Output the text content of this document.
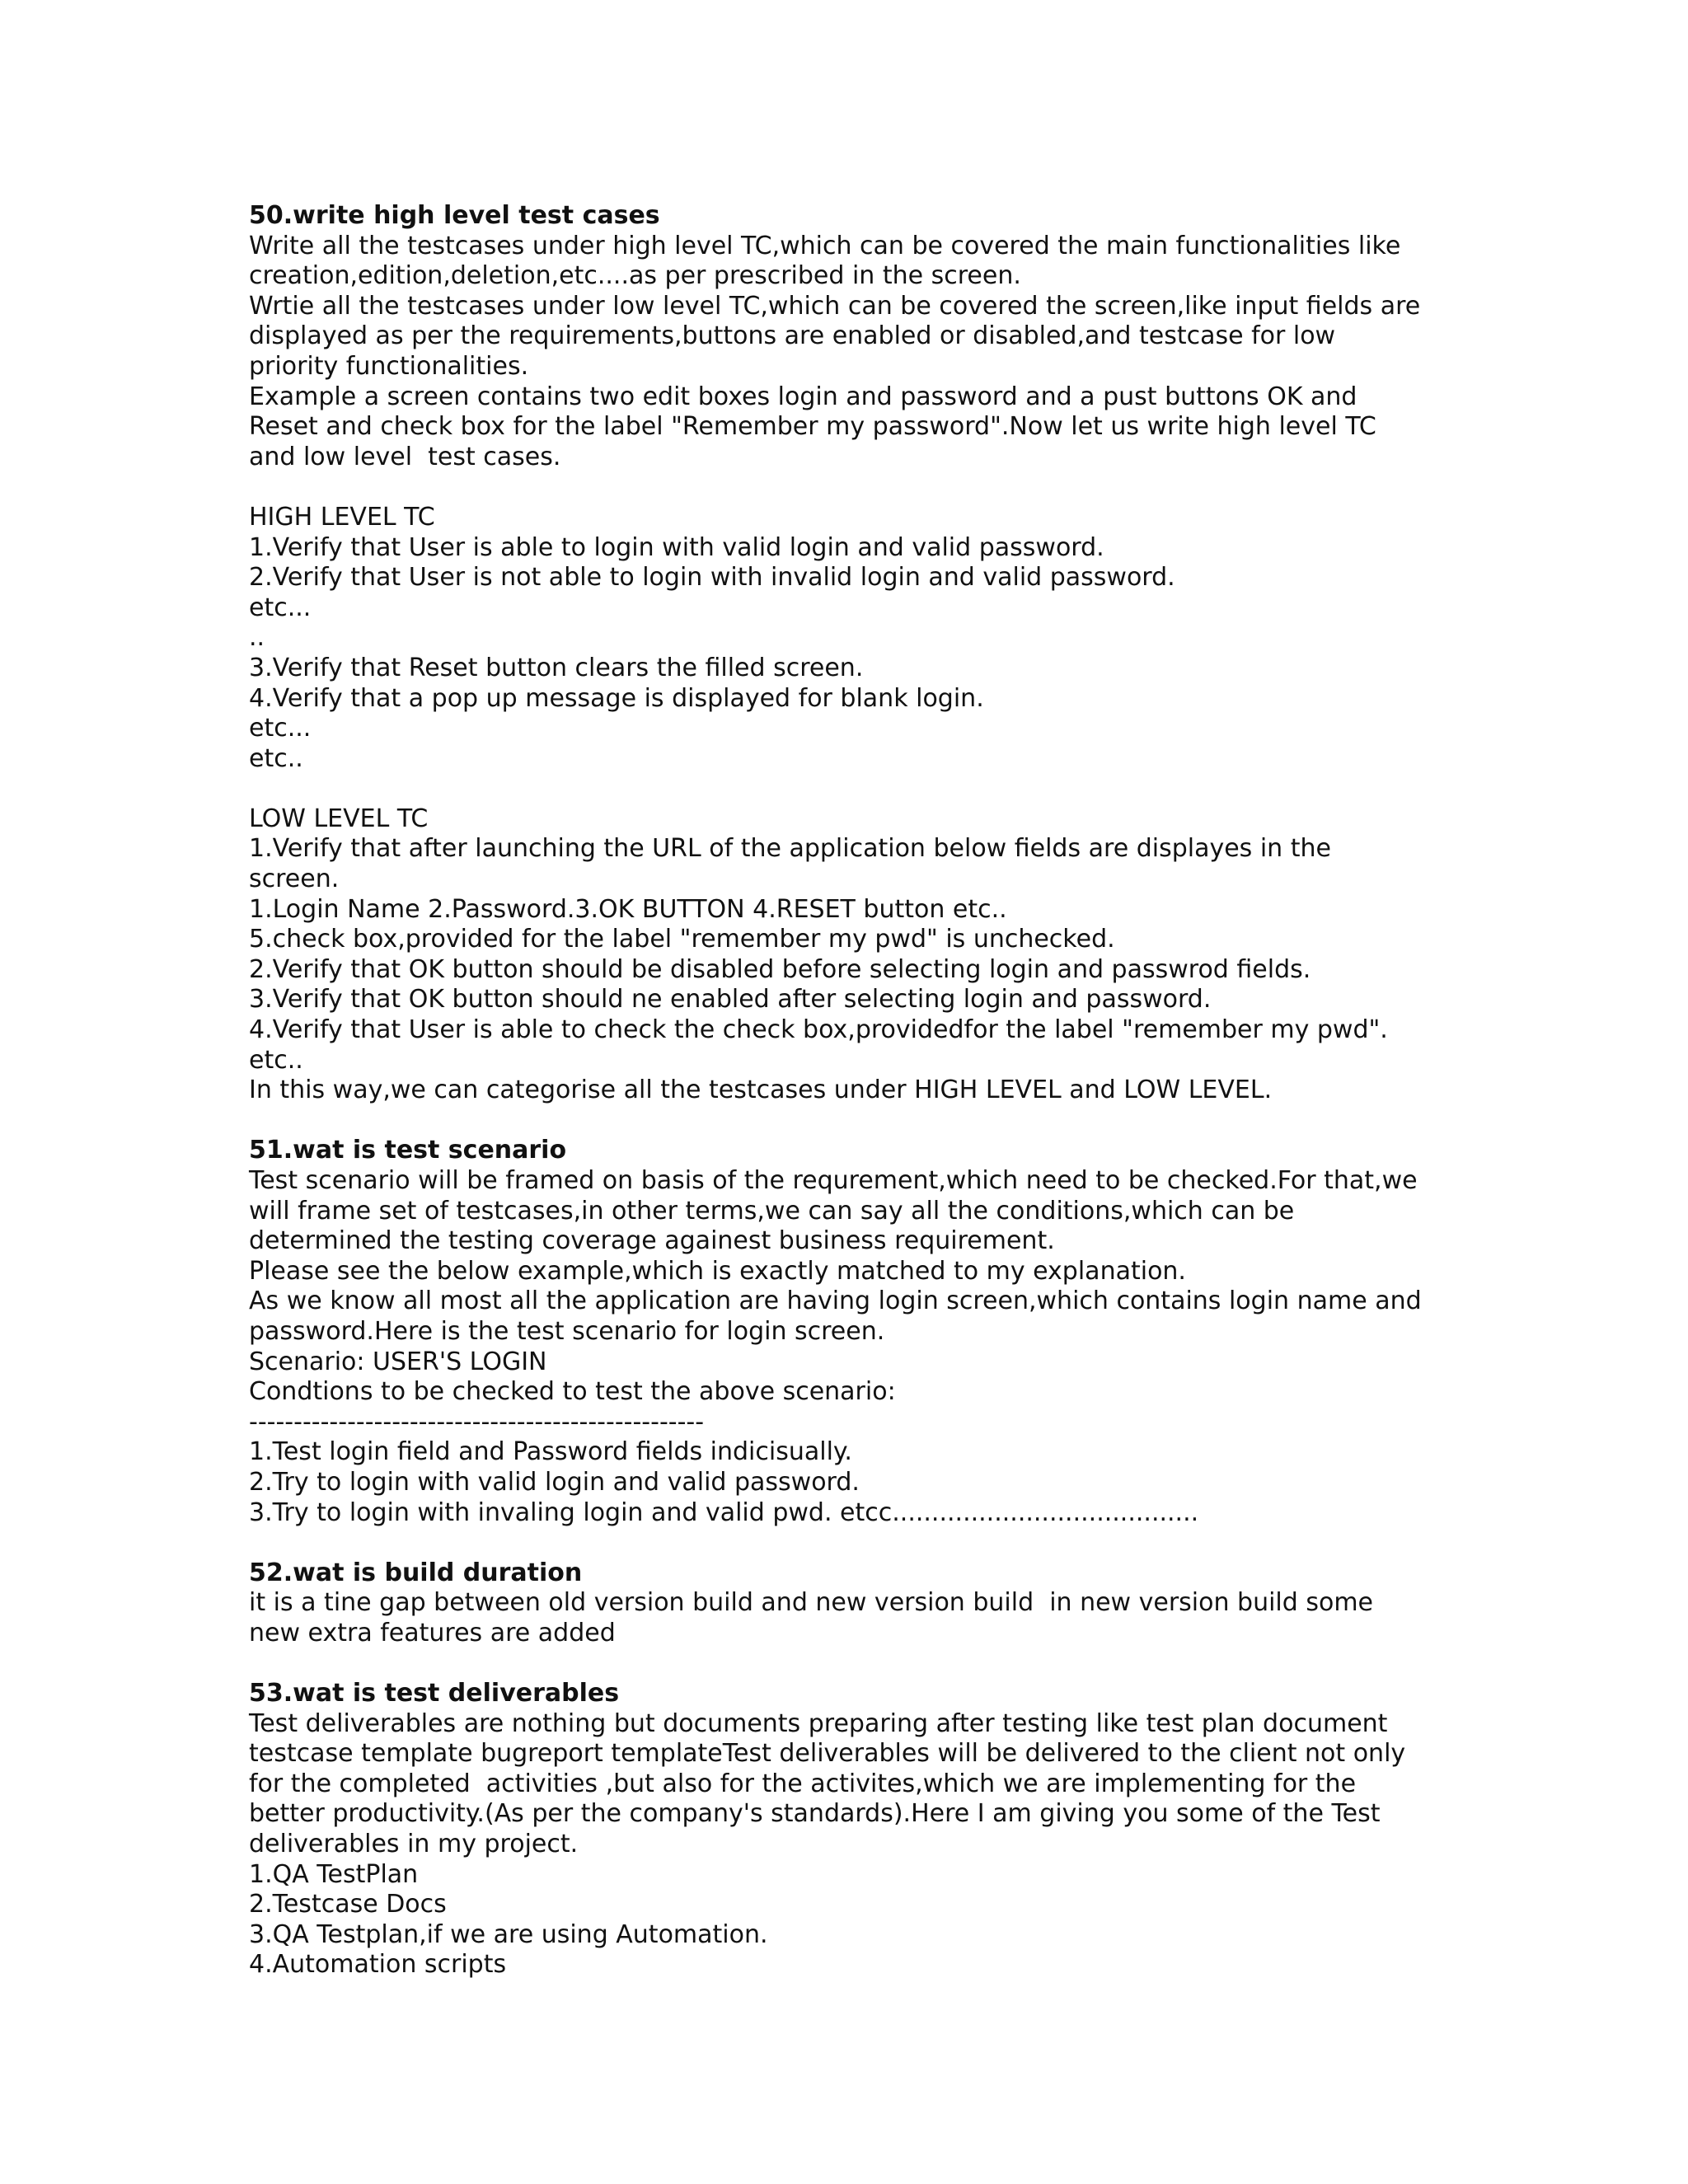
50.write high level test cases
Write all the testcases under high level TC,which can be covered the main functionalities like
creation,edition,deletion,etc....as per prescribed in the screen.
Wrtie all the testcases under low level TC,which can be covered the screen,like input fields are
displayed as per the requirements,buttons are enabled or disabled,and testcase for low
priority functionalities.
Example a screen contains two edit boxes login and password and a pust buttons OK and
Reset and check box for the label "Remember my password".Now let us write high level TC
and low level  test cases.
HIGH LEVEL TC
1.Verify that User is able to login with valid login and valid password.
2.Verify that User is not able to login with invalid login and valid password.
etc...
..
3.Verify that Reset button clears the filled screen.
4.Verify that a pop up message is displayed for blank login.
etc...
etc..
LOW LEVEL TC
1.Verify that after launching the URL of the application below fields are displayes in the
screen.
1.Login Name 2.Password.3.OK BUTTON 4.RESET button etc..
5.check box,provided for the label "remember my pwd" is unchecked.
2.Verify that OK button should be disabled before selecting login and passwrod fields.
3.Verify that OK button should ne enabled after selecting login and password.
4.Verify that User is able to check the check box,providedfor the label "remember my pwd".
etc..
In this way,we can categorise all the testcases under HIGH LEVEL and LOW LEVEL.
51.wat is test scenario
Test scenario will be framed on basis of the requrement,which need to be checked.For that,we
will frame set of testcases,in other terms,we can say all the conditions,which can be
determined the testing coverage againest business requirement.
Please see the below example,which is exactly matched to my explanation.
As we know all most all the application are having login screen,which contains login name and
password.Here is the test scenario for login screen.
Scenario: USER'S LOGIN
Condtions to be checked to test the above scenario:
---------------------------------------------------
1.Test login field and Password fields indicisually.
2.Try to login with valid login and valid password.
3.Try to login with invaling login and valid pwd. etcc.......................................
52.wat is build duration
it is a tine gap between old version build and new version build  in new version build some
new extra features are added
53.wat is test deliverables
Test deliverables are nothing but documents preparing after testing like test plan document
testcase template bugreport templateTest deliverables will be delivered to the client not only
for the completed  activities ,but also for the activites,which we are implementing for the
better productivity.(As per the company's standards).Here I am giving you some of the Test
deliverables in my project.
1.QA TestPlan
2.Testcase Docs
3.QA Testplan,if we are using Automation.
4.Automation scripts
